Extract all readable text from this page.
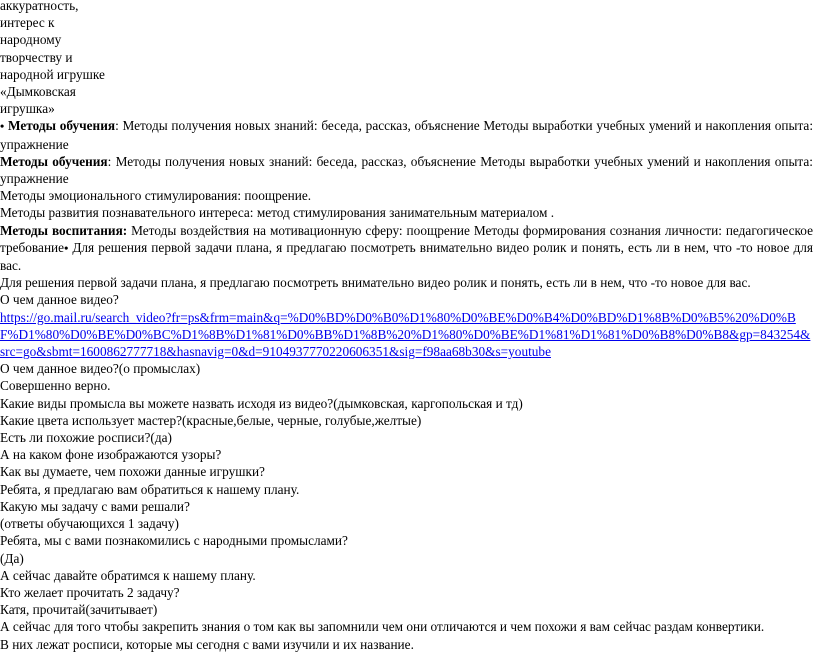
аккуратность,
интерес к
народному
творчеству и
народной игрушке
«Дымковская
игрушка»
• Методы обучения: Методы получения новых знаний: беседа, рассказ, объяснение Методы выработки учебных умений и накопления опыта: упражнение
Методы обучения: Методы получения новых знаний: беседа, рассказ, объяснение Методы выработки учебных умений и накопления опыта: упражнение
Методы эмоционального стимулирования: поощрение.
Методы развития познавательного интереса: метод стимулирования занимательным материалом .
Методы воспитания: Методы воздействия на мотивационную сферу: поощрение Методы формирования сознания личности: педагогическое требование• Для решения первой задачи плана, я предлагаю посмотреть внимательно видео ролик и понять, есть ли в нем, что -то новое для вас.
Для решения первой задачи плана, я предлагаю посмотреть внимательно видео ролик и понять, есть ли в нем, что -то новое для вас.
О чем данное видео?
https://go.mail.ru/search_video?fr=ps&frm=main&q=%D0%BD%D0%B0%D1%80%D0%BE%D0%B4%D0%BD%D1%8B%D0%B5%20%D0%BF%D1%80%D0%BE%D0%BC%D1%8B%D1%81%D0%BB%D1%8B%20%D1%80%D0%BE%D1%81%D1%81%D0%B8%D0%B8&gp=843254&src=go&sbmt=1600862777718&hasnavig=0&d=9104937770220606351&sig=f98aa68b30&s=youtube
О чем данное видео?(о промыслах)
Совершенно верно.
Какие виды промысла вы можете назвать исходя из видео?(дымковская, каргопольская и тд)
Какие цвета использует мастер?(красные,белые, черные, голубые,желтые)
Есть ли похожие росписи?(да)
А на каком фоне изображаются узоры?
Как вы думаете, чем похожи данные игрушки?
Ребята, я предлагаю вам обратиться к нашему плану.
Какую мы задачу с вами решали?
(ответы обучающихся 1 задачу)
Ребята, мы с вами познакомились с народными промыслами?
(Да)
А сейчас давайте обратимся к нашему плану.
Кто желает прочитать 2 задачу?
Катя, прочитай(зачитывает)
А сейчас для того чтобы закрепить знания о том как вы запомнили чем они отличаются и чем похожи я вам сейчас раздам конвертики.
В них лежат росписи, которые мы сегодня с вами изучили и их название.
